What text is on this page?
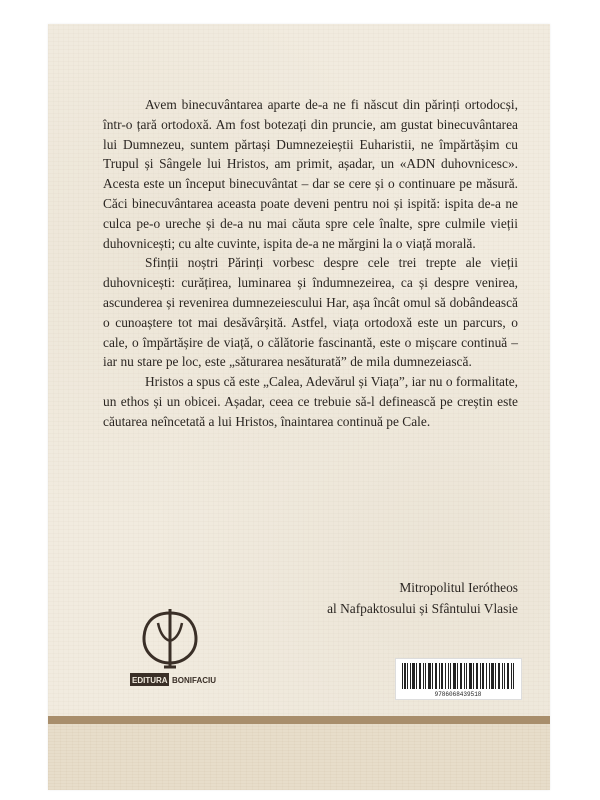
Avem binecuvântarea aparte de-a ne fi născut din părinți ortodocși, într-o țară ortodoxă. Am fost botezați din pruncie, am gustat binecuvântarea lui Dumnezeu, suntem părtași Dumnezeieștii Euharistii, ne împărtășim cu Trupul și Sângele lui Hristos, am primit, așadar, un «ADN duhovnicesc». Acesta este un început binecuvântat – dar se cere și o continuare pe măsură. Căci binecuvântarea aceasta poate deveni pentru noi și ispită: ispita de-a ne culca pe-o ureche și de-a nu mai căuta spre cele înalte, spre culmile vieții duhovnicești; cu alte cuvinte, ispita de-a ne mărgini la o viață morală.

Sfinții noștri Părinți vorbesc despre cele trei trepte ale vieții duhovnicești: curățirea, luminarea și îndumnezeirea, ca și despre venirea, ascunderea și revenirea dumnezeiescului Har, așa încât omul să dobândească o cunoaștere tot mai desăvârșită. Astfel, viața ortodoxă este un parcurs, o cale, o împărtășire de viață, o călătorie fascinantă, este o mișcare continuă – iar nu stare pe loc, este „săturarea nesăturată” de mila dumnezeiască.

Hristos a spus că este „Calea, Adevărul și Viața”, iar nu o formalitate, un ethos și un obicei. Așadar, ceea ce trebuie să-l definească pe creștin este căutarea neîncetată a lui Hristos, înaintarea continuă pe Cale.

Mitropolitul Ierótheos
al Nafpaktosului și Sfântului Vlasie
EDITURA BONIFACIU
9786068439518
